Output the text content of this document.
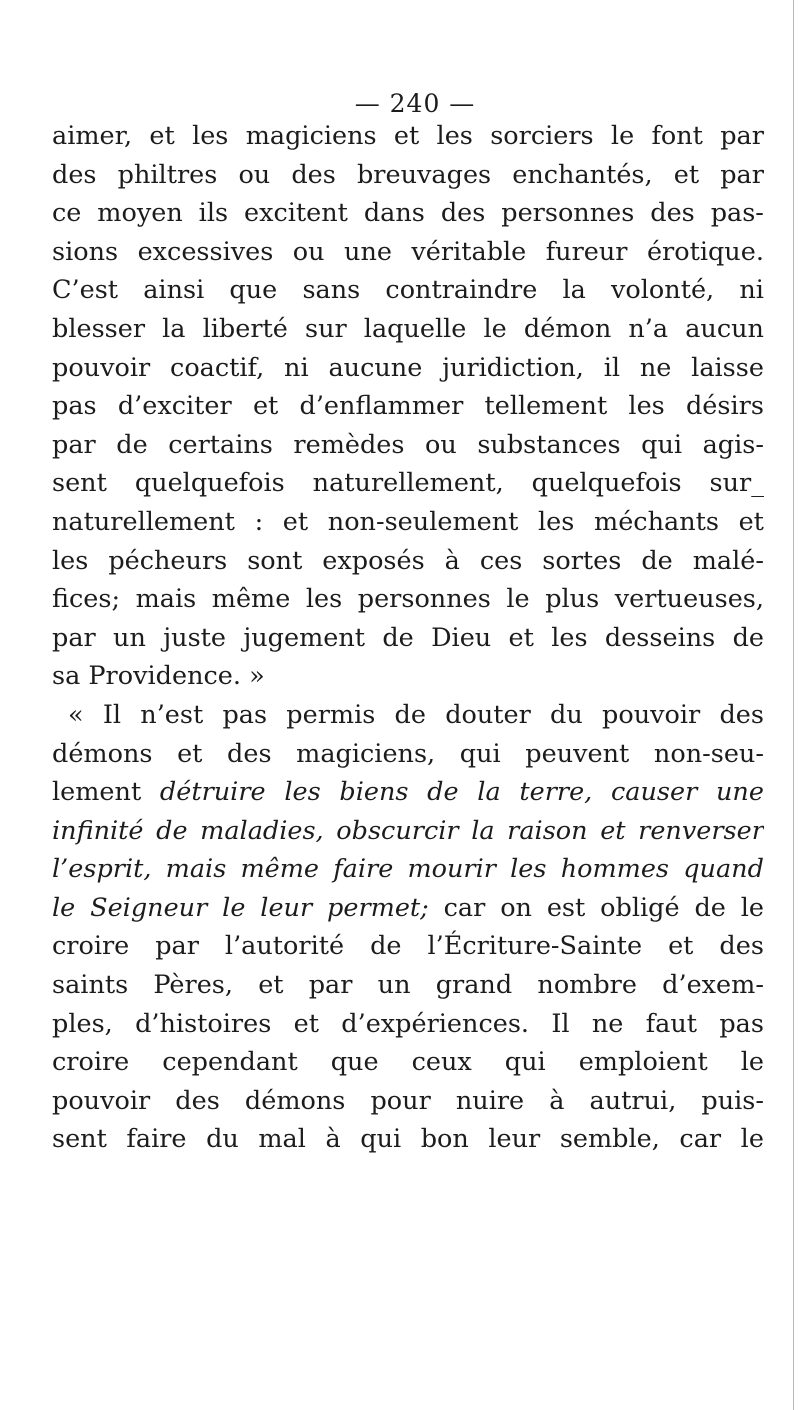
— 240 —
aimer, et les magiciens et les sorciers le font par
des philtres ou des breuvages enchantés, et par
ce moyen ils excitent dans des personnes des pas-
sions excessives ou une véritable fureur érotique.
C’est ainsi que sans contraindre la volonté, ni
blesser la liberté sur laquelle le démon n’a aucun
pouvoir coactif, ni aucune juridiction, il ne laisse
pas d’exciter et d’enflammer tellement les désirs
par de certains remèdes ou substances qui agis-
sent quelquefois naturellement, quelquefois sur_
naturellement : et non-seulement les méchants et
les pécheurs sont exposés à ces sortes de malé-
fices; mais même les personnes le plus vertueuses,
par un juste jugement de Dieu et les desseins de
sa Providence. »
« Il n’est pas permis de douter du pouvoir des
démons et des magiciens, qui peuvent non-seu-
lement détruire les biens de la terre, causer une
infinité de maladies, obscurcir la raison et renverser
l’esprit, mais même faire mourir les hommes quand
le Seigneur le leur permet; car on est obligé de le
croire par l’autorité de l’Écriture-Sainte et des
saints Pères, et par un grand nombre d’exem-
ples, d’histoires et d’expériences. Il ne faut pas
croire cependant que ceux qui emploient le
pouvoir des démons pour nuire à autrui, puis-
sent faire du mal à qui bon leur semble, car le
